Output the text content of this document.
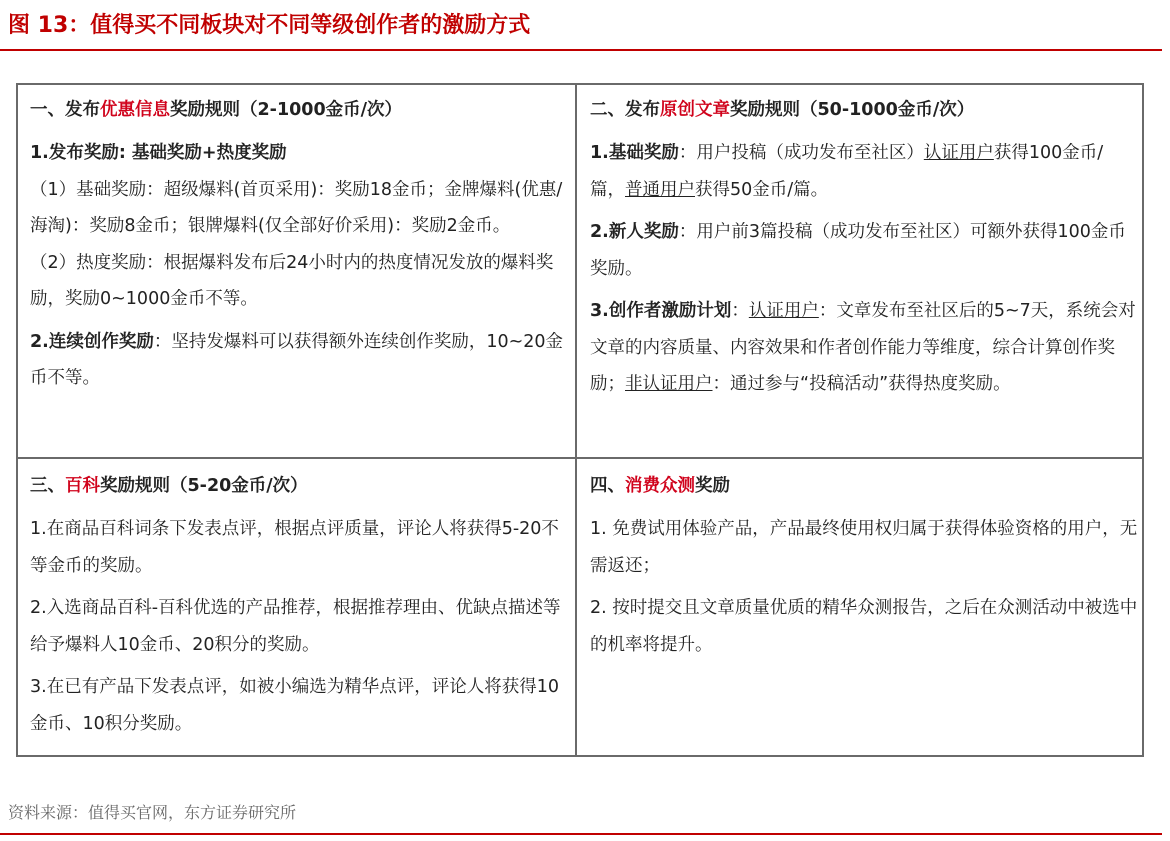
图 13：值得买不同板块对不同等级创作者的激励方式

一、发布优惠信息奖励规则（2-1000金币/次）

1.发布奖励: 基础奖励+热度奖励

（1）基础奖励：超级爆料(首页采用)：奖励18金币；金牌爆料(优惠/海淘)：奖励8金币；银牌爆料(仅全部好价采用)：奖励2金币。

（2）热度奖励：根据爆料发布后24小时内的热度情况发放的爆料奖励，奖励0~1000金币不等。

2.连续创作奖励：坚持发爆料可以获得额外连续创作奖励，10~20金币不等。

二、发布原创文章奖励规则（50-1000金币/次）

1.基础奖励：用户投稿（成功发布至社区）认证用户获得100金币/篇，普通用户获得50金币/篇。

2.新人奖励：用户前3篇投稿（成功发布至社区）可额外获得100金币奖励。

3.创作者激励计划：认证用户：文章发布至社区后的5~7天，系统会对文章的内容质量、内容效果和作者创作能力等维度，综合计算创作奖励；非认证用户：通过参与“投稿活动”获得热度奖励。

三、百科奖励规则（5-20金币/次）

1.在商品百科词条下发表点评，根据点评质量，评论人将获得5-20不等金币的奖励。

2.入选商品百科-百科优选的产品推荐，根据推荐理由、优缺点描述等给予爆料人10金币、20积分的奖励。

3.在已有产品下发表点评，如被小编选为精华点评，评论人将获得10金币、10积分奖励。

四、消费众测奖励

1. 免费试用体验产品，产品最终使用权归属于获得体验资格的用户，无需返还；

2. 按时提交且文章质量优质的精华众测报告，之后在众测活动中被选中的机率将提升。

资料来源：值得买官网，东方证券研究所
